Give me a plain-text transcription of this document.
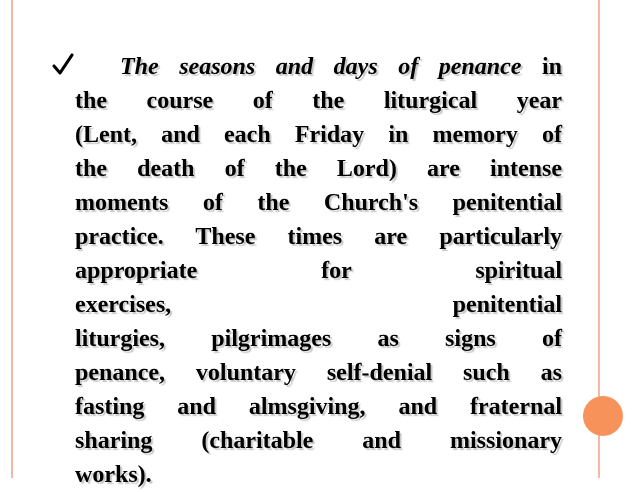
The seasons and days of penance in
the course of the liturgical year
(Lent, and each Friday in memory of
the death of the Lord) are intense
moments of the Church's penitential
practice. These times are particularly
appropriate for spiritual
exercises, penitential
liturgies, pilgrimages as signs of
penance, voluntary self-denial such as
fasting and almsgiving, and fraternal
sharing (charitable and missionary
works).
